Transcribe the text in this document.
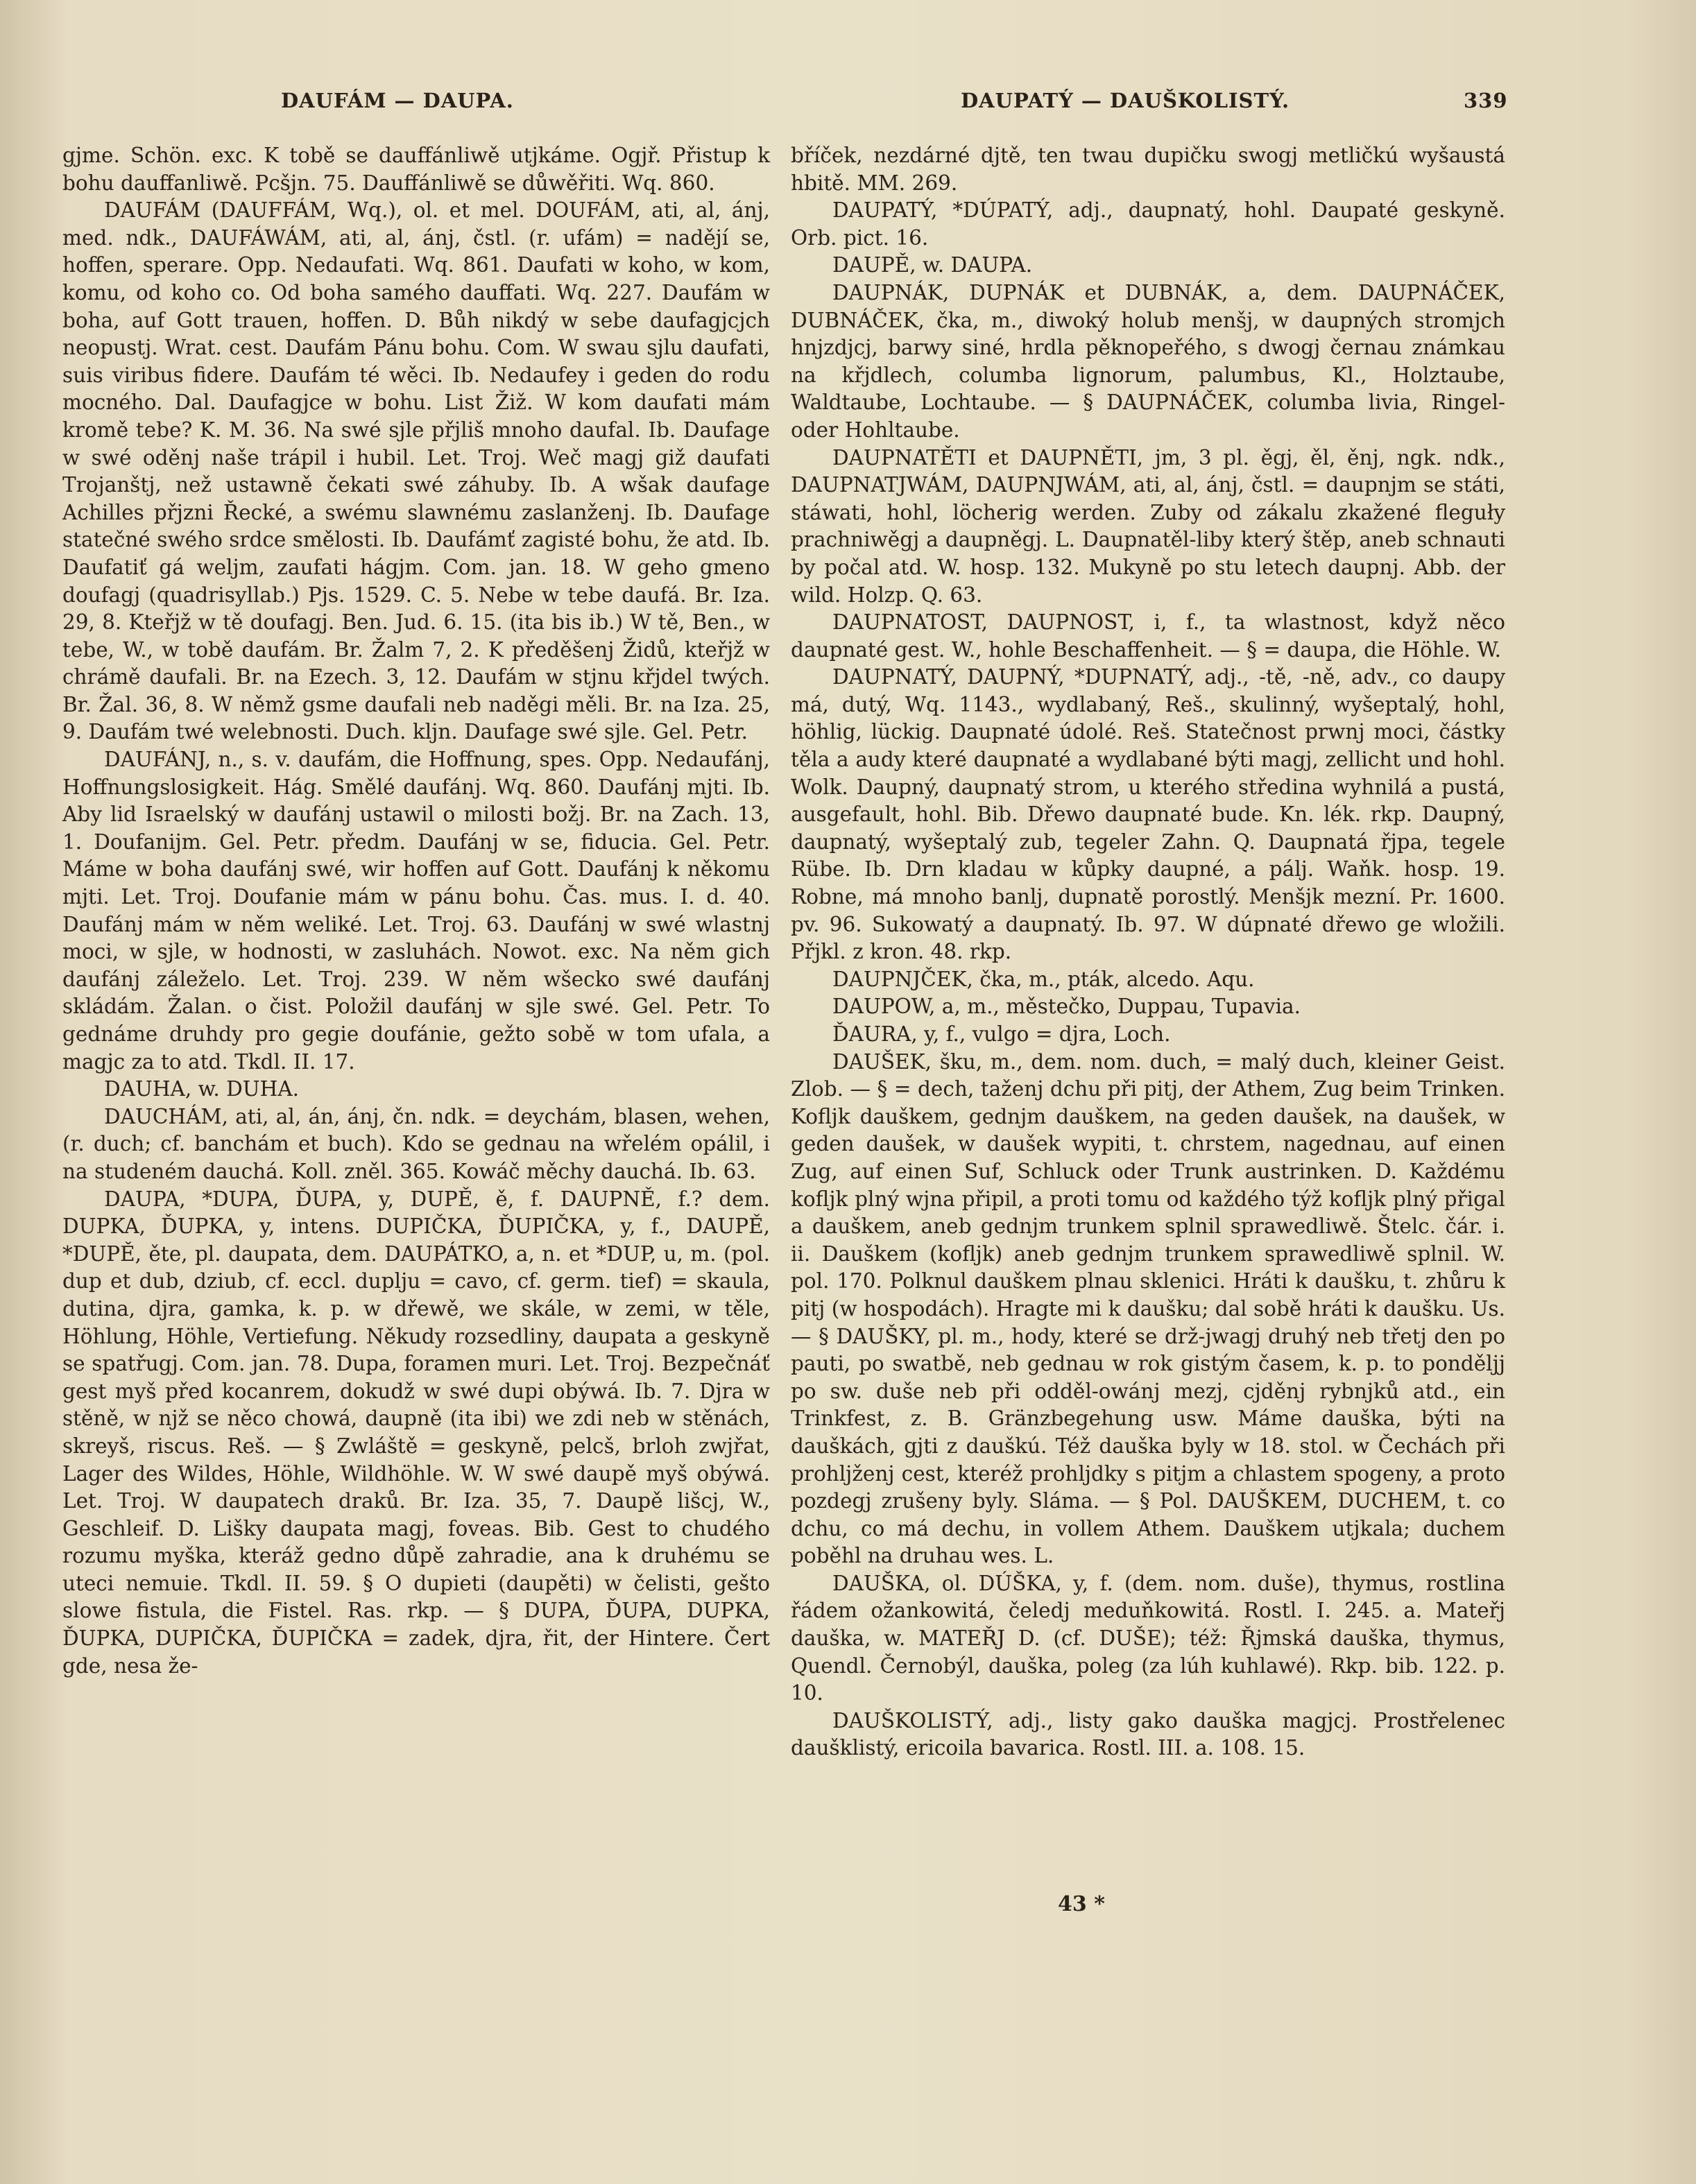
DAUFÁM — DAUPA.	DAUPATÝ — DAUŠKOLISTÝ.	339

gjme. Schön. exc. K tobě se dauffánliwě utjkáme. Ogjř. Přistup k bohu dauffanliwě. Pcšjn. 75. Dauffánliwě se důwěřiti. Wq. 860.

DAUFÁM (DAUFFÁM, Wq.), ol. et mel. DOUFÁM, ati, al, ánj, med. ndk., DAUFÁWÁM, ati, al, ánj, čstl. (r. ufám) = nadějí se, hoffen, sperare. Opp. Nedaufati. Wq. 861. Daufati w koho, w kom, komu, od koho co. Od boha samého dauffati. Wq. 227. Daufám w boha, auf Gott trauen, hoffen. D. Bůh nikdý w sebe daufagjcjch neopustj. Wrat. cest. Daufám Pánu bohu. Com. W swau sjlu daufati, suis viribus fidere. Daufám té wěci. Ib. Nedaufey i geden do rodu mocného. Dal. Daufagjce w bohu. List Žiž. W kom daufati mám kromě tebe? K. M. 36. Na swé sjle přjliš mnoho daufal. Ib. Daufage w swé oděnj naše trápil i hubil. Let. Troj. Weč magj giž daufati Trojanštj, než ustawně čekati swé záhuby. Ib. A wšak daufage Achilles přjzni Řecké, a swému slawnému zaslanženj. Ib. Daufage statečné swého srdce smělosti. Ib. Daufámť zagisté bohu, že atd. Ib. Daufatiť gá weljm, zaufati hágjm. Com. jan. 18. W geho gmeno doufagj (quadrisyllab.) Pjs. 1529. C. 5. Nebe w tebe daufá. Br. Iza. 29, 8. Kteřjž w tě doufagj. Ben. Jud. 6. 15. (ita bis ib.) W tě, Ben., w tebe, W., w tobě daufám. Br. Žalm 7, 2. K předěšenj Židů, kteřjž w chrámě daufali. Br. na Ezech. 3, 12. Daufám w stjnu křjdel twých. Br. Žal. 36, 8. W němž gsme daufali neb naděgi měli. Br. na Iza. 25, 9. Daufám twé welebnosti. Duch. kljn. Daufage swé sjle. Gel. Petr.

DAUFÁNJ, n., s. v. daufám, die Hoffnung, spes. Opp. Nedaufánj, Hoffnungslosigkeit. Hág. Smělé daufánj. Wq. 860. Daufánj mjti. Ib. Aby lid Israelský w daufánj ustawil o milosti božj. Br. na Zach. 13, 1. Doufanijm. Gel. Petr. předm. Daufánj w se, fiducia. Gel. Petr. Máme w boha daufánj swé, wir hoffen auf Gott. Daufánj k někomu mjti. Let. Troj. Doufanie mám w pánu bohu. Čas. mus. I. d. 40. Daufánj mám w něm weliké. Let. Troj. 63. Daufánj w swé wlastnj moci, w sjle, w hodnosti, w zasluhách. Nowot. exc. Na něm gich daufánj záleželo. Let. Troj. 239. W něm wšecko swé daufánj skládám. Žalan. o čist. Položil daufánj w sjle swé. Gel. Petr. To gednáme druhdy pro gegie doufánie, gežto sobě w tom ufala, a magjc za to atd. Tkdl. II. 17.

DAUHA, w. DUHA.

DAUCHÁM, ati, al, án, ánj, čn. ndk. = deychám, blasen, wehen, (r. duch; cf. banchám et buch). Kdo se gednau na wřelém opálil, i na studeném dauchá. Koll. zněl. 365. Kowáč měchy dauchá. Ib. 63.

DAUPA, *DUPA, ĎUPA, y, DUPĚ, ě, f. DAUPNĚ, f.? dem. DUPKA, ĎUPKA, y, intens. DUPIČKA, ĎUPIČKA, y, f., DAUPĚ, *DUPĚ, ěte, pl. daupata, dem. DAUPÁTKO, a, n. et *DUP, u, m. (pol. dup et dub, dziub, cf. eccl. duplju = cavo, cf. germ. tief) = skaula, dutina, djra, gamka, k. p. w dřewě, we skále, w zemi, w těle, Höhlung, Höhle, Vertiefung. Někudy rozsedliny, daupata a geskyně se spatřugj. Com. jan. 78. Dupa, foramen muri. Let. Troj. Bezpečnáť gest myš před kocanrem, dokudž w swé dupi obýwá. Ib. 7. Djra w stěně, w njž se něco chowá, daupně (ita ibi) we zdi neb w stěnách, skreyš, riscus. Reš. — § Zwláště = geskyně, pelcš, brloh zwjřat, Lager des Wildes, Höhle, Wildhöhle. W. W swé daupě myš obýwá. Let. Troj. W daupatech draků. Br. Iza. 35, 7. Daupě lišcj, W., Geschleif. D. Lišky daupata magj, foveas. Bib. Gest to chudého rozumu myška, kteráž gedno důpě zahradie, ana k druhému se uteci nemuie. Tkdl. II. 59. § O dupieti (daupěti) w čelisti, gešto slowe fistula, die Fistel. Ras. rkp. — § DUPA, ĎUPA, DUPKA, ĎUPKA, DUPIČKA, ĎUPIČKA = zadek, djra, řit, der Hintere. Čert gde, nesa že-

bříček, nezdárné djtě, ten twau dupičku swogj metličkú wyšaustá hbitě. MM. 269.

DAUPATÝ, *DÚPATÝ, adj., daupnatý, hohl. Daupaté geskyně. Orb. pict. 16.

DAUPĚ, w. DAUPA.

DAUPNÁK, DUPNÁK et DUBNÁK, a, dem. DAUPNÁČEK, DUBNÁČEK, čka, m., diwoký holub menšj, w daupných stromjch hnjzdjcj, barwy siné, hrdla pěknopeřého, s dwogj černau známkau na křjdlech, columba lignorum, palumbus, Kl., Holztaube, Waldtaube, Lochtaube. — § DAUPNÁČEK, columba livia, Ringel- oder Hohltaube.

DAUPNATĚTI et DAUPNĚTI, jm, 3 pl. ěgj, ěl, ěnj, ngk. ndk., DAUPNATJWÁM, DAUPNJWÁM, ati, al, ánj, čstl. = daupnjm se státi, stáwati, hohl, löcherig werden. Zuby od zákalu zkažené ﬂeguły prachniwěgj a daupněgj. L. Daupnatěl-liby který štěp, aneb schnauti by počal atd. W. hosp. 132. Mukyně po stu letech daupnj. Abb. der wild. Holzp. Q. 63.

DAUPNATOST, DAUPNOST, i, f., ta wlastnost, když něco daupnaté gest. W., hohle Beschaffenheit. — § = daupa, die Höhle. W.

DAUPNATÝ, DAUPNÝ, *DUPNATÝ, adj., -tě, -ně, adv., co daupy má, dutý, Wq. 1143., wydlabaný, Reš., skulinný, wyšeptalý, hohl, höhlig, lückig. Daupnaté údolé. Reš. Statečnost prwnj moci, částky těla a audy které daupnaté a wydlabané býti magj, zellicht und hohl. Wolk. Daupný, daupnatý strom, u kterého středina wyhnilá a pustá, ausgefault, hohl. Bib. Dřewo daupnaté bude. Kn. lék. rkp. Daupný, daupnatý, wyšeptalý zub, tegeler Zahn. Q. Daupnatá řjpa, tegele Rübe. Ib. Drn kladau w kůpky daupné, a pálj. Waňk. hosp. 19. Robne, má mnoho banlj, dupnatě porostlý. Menšjk mezní. Pr. 1600. pv. 96. Sukowatý a daupnatý. Ib. 97. W dúpnaté dřewo ge wložili. Přjkl. z kron. 48. rkp.

DAUPNJČEK, čka, m., pták, alcedo. Aqu.

DAUPOW, a, m., městečko, Duppau, Tupavia.

ĎAURA, y, f., vulgo = djra, Loch.

DAUŠEK, šku, m., dem. nom. duch, = malý duch, kleiner Geist. Zlob. — § = dech, taženj dchu při pitj, der Athem, Zug beim Trinken. Kofljk dauškem, gednjm dauškem, na geden daušek, na daušek, w geden daušek, w daušek wypiti, t. chrstem, nagednau, auf einen Zug, auf einen Suf, Schluck oder Trunk austrinken. D. Každému kofljk plný wjna připil, a proti tomu od každého týž kofljk plný přigal a dauškem, aneb gednjm trunkem splnil sprawedliwě. Štelc. čár. i. ii. Dauškem (kofljk) aneb gednjm trunkem sprawedliwě splnil. W. pol. 170. Polknul dauškem plnau sklenici. Hráti k daušku, t. zhůru k pitj (w hospodách). Hragte mi k daušku; dal sobě hráti k daušku. Us. — § DAUŠKY, pl. m., hody, které se drž-jwagj druhý neb třetj den po pauti, po swatbě, neb gednau w rok gistým časem, k. p. to ponděljj po sw. duše neb při odděl-owánj mezj, cjděnj rybnjků atd., ein Trinkfest, z. B. Gränzbegehung usw. Máme dauška, býti na dauškách, gjti z dauškú. Též dauška byly w 18. stol. w Čechách při prohljženj cest, kteréž prohljdky s pitjm a chlastem spogeny, a proto pozdegj zrušeny byly. Sláma. — § Pol. DAUŠKEM, DUCHEM, t. co dchu, co má dechu, in vollem Athem. Dauškem utjkala; duchem poběhl na druhau wes. L.

DAUŠKA, ol. DÚŠKA, y, f. (dem. nom. duše), thymus, rostlina řádem ožankowitá, čeledj meduňkowitá. Rostl. I. 245. a. Mateřj dauška, w. MATEŘJ D. (cf. DUŠE); též: Řjmská dauška, thymus, Quendl. Černobýl, dauška, poleg (za lúh kuhlawé). Rkp. bib. 122. p. 10.

DAUŠKOLISTÝ, adj., listy gako dauška magjcj. Prostřelenec daušklistý, ericoila bavarica. Rostl. III. a. 108. 15.

43 *
